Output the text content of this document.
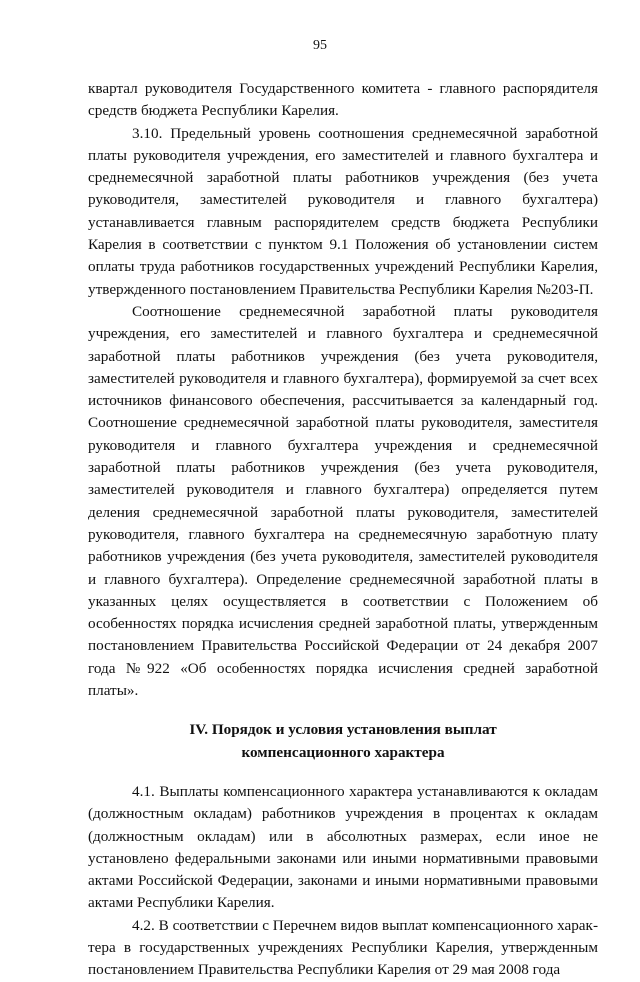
95

квартал руководителя Государственного комитета - главного распорядителя средств бюджета Республики Карелия.

3.10. Предельный уровень соотношения среднемесячной заработной платы руководителя учреждения, его заместителей и главного бухгалтера и среднемесячной заработной платы работников учреждения (без учета руководителя, заместителей руководителя и главного бухгалтера) устанавливается главным распорядителем средств бюджета Республики Карелия в соответствии с пунктом 9.1 Положения об установлении систем оплаты труда работников государственных учреждений Республики Карелия, утвержденного постановлением Правительства Республики Карелия №203-П.

Соотношение среднемесячной заработной платы руководителя учреждения, его заместителей и главного бухгалтера и среднемесячной заработной платы работников учреждения (без учета руководителя, заместителей руководителя и главного бухгалтера), формируемой за счет всех источников финансового обеспечения, рассчитывается за календарный год. Соотношение среднемесячной заработной платы руководителя, заместителя руководителя и главного бухгалтера учреждения и среднемесячной заработной платы работников учреждения (без учета руководителя, заместителей руководителя и главного бухгалтера) определяется путем деления среднемесячной заработной платы руководителя, заместителей руководителя, главного бухгалтера на среднемесячную заработную плату работников учреждения (без учета руководителя, заместителей руководителя и главного бухгалтера). Определение среднемесячной заработной платы в указанных целях осуществляется в соответствии с Положением об особенностях порядка исчисления средней заработной платы, утвержденным постановлением Правительства Российской Федерации от 24 декабря 2007 года №922 «Об особенностях порядка исчисления средней заработной платы».

IV. Порядок и условия установления выплат
компенсационного характера

4.1. Выплаты компенсационного характера устанавливаются к окладам (должностным окладам) работников учреждения в процентах к окладам (должностным окладам) или в абсолютных размерах, если иное не установлено федеральными законами или иными нормативными правовыми актами Российской Федерации, законами и иными нормативными правовыми актами Республики Карелия.

4.2. В соответствии с Перечнем видов выплат компенсационного характера в государственных учреждениях Республики Карелия, утвержденным постановлением Правительства Республики Карелия от 29 мая 2008 года
